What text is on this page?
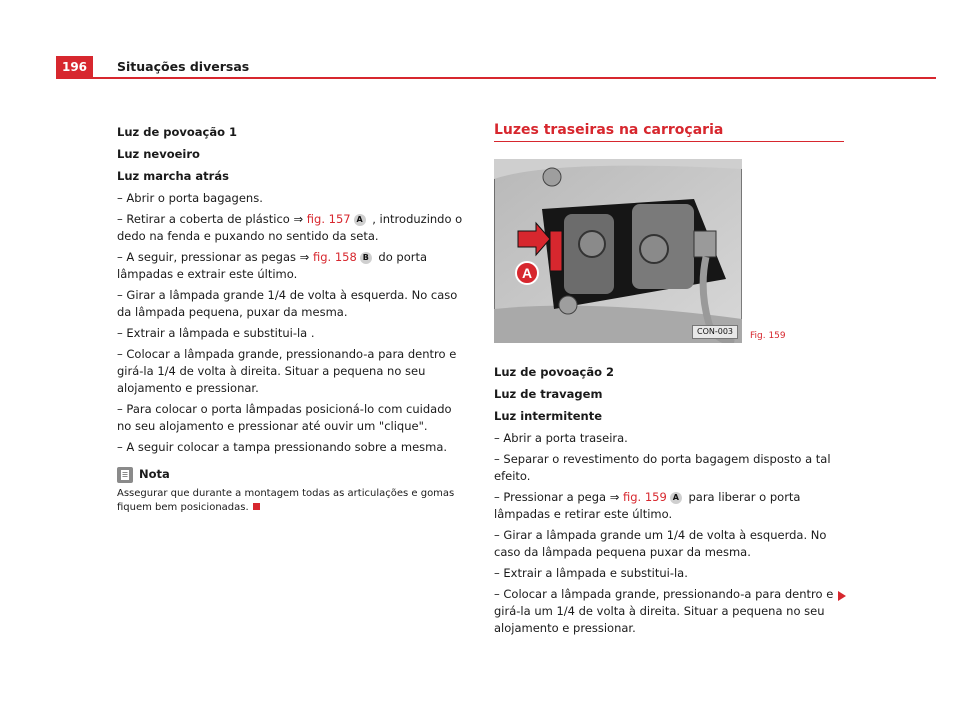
196	Situações diversas
Luz de povoação 1
Luz nevoeiro
Luz marcha atrás

– Abrir o porta bagagens.

– Retirar a coberta de plástico ⇒ fig. 157 A , introduzindo o dedo na fenda e puxando no sentido da seta.

– A seguir, pressionar as pegas ⇒ fig. 158 B do porta lâmpadas e extrair este último.

– Girar a lâmpada grande 1/4 de volta à esquerda. No caso da lâmpada pequena, puxar da mesma.

– Extrair a lâmpada e substitui-la .

– Colocar a lâmpada grande, pressionando-a para dentro e girá-la 1/4 de volta à direita. Situar a pequena no seu alojamento e pressionar.

– Para colocar o porta lâmpadas posicioná-lo com cuidado no seu alojamento e pressionar até ouvir um "clique".

– A seguir colocar a tampa pressionando sobre a mesma.

Nota
Assegurar que durante a montagem todas as articulações e gomas fiquem bem posicionadas.
Luzes traseiras na carroçaria
A
CON-003	Fig. 159
Luz de povoação 2
Luz de travagem
Luz intermitente

– Abrir a porta traseira.

– Separar o revestimento do porta bagagem disposto a tal efeito.

– Pressionar a pega ⇒ fig. 159 A para liberar o porta lâmpadas e retirar este último.

– Girar a lâmpada grande um 1/4 de volta à esquerda. No caso da lâmpada pequena puxar da mesma.

– Extrair a lâmpada e substitui-la.

– Colocar a lâmpada grande, pressionando-a para dentro e girá-la um 1/4 de volta à direita. Situar a pequena no seu alojamento e pressionar.
